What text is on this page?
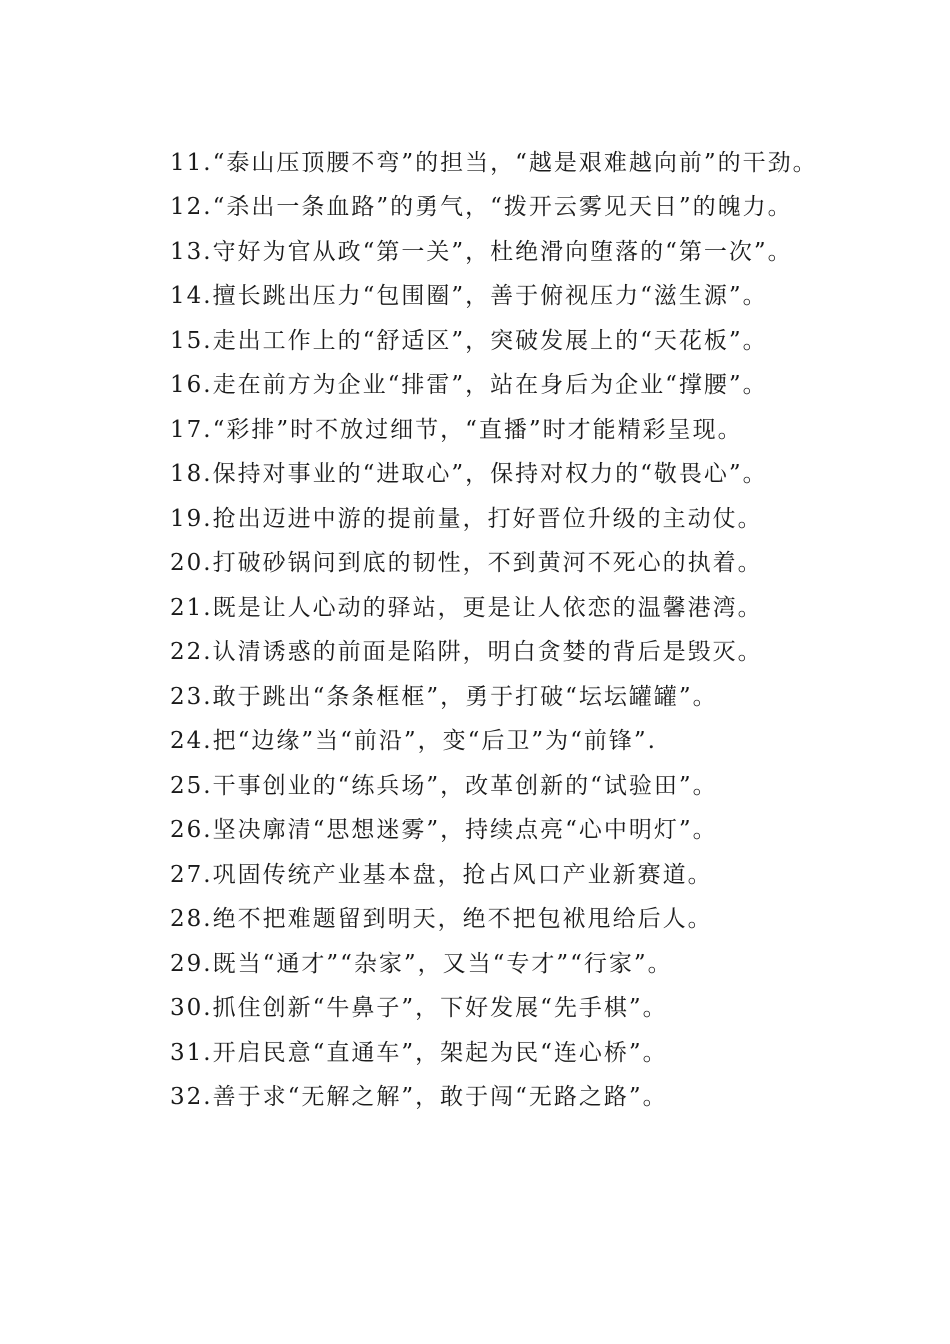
11.“泰山压顶腰不弯”的担当，“越是艰难越向前”的干劲。

12.“杀出一条血路”的勇气，“拨开云雾见天日”的魄力。

13.守好为官从政“第一关”，杜绝滑向堕落的“第一次”。

14.擅长跳出压力“包围圈”，善于俯视压力“滋生源”。

15.走出工作上的“舒适区”，突破发展上的“天花板”。

16.走在前方为企业“排雷”，站在身后为企业“撑腰”。

17.“彩排”时不放过细节，“直播”时才能精彩呈现。

18.保持对事业的“进取心”，保持对权力的“敬畏心”。

19.抢出迈进中游的提前量，打好晋位升级的主动仗。

20.打破砂锅问到底的韧性，不到黄河不死心的执着。

21.既是让人心动的驿站，更是让人依恋的温馨港湾。

22.认清诱惑的前面是陷阱，明白贪婪的背后是毁灭。

23.敢于跳出“条条框框”，勇于打破“坛坛罐罐”。

24.把“边缘”当“前沿”，变“后卫”为“前锋”.

25.干事创业的“练兵场”，改革创新的“试验田”。

26.坚决廓清“思想迷雾”，持续点亮“心中明灯”。

27.巩固传统产业基本盘，抢占风口产业新赛道。

28.绝不把难题留到明天，绝不把包袱甩给后人。

29.既当“通才”“杂家”，又当“专才”“行家”。

30.抓住创新“牛鼻子”，下好发展“先手棋”。

31.开启民意“直通车”，架起为民“连心桥”。

32.善于求“无解之解”，敢于闯“无路之路”。
